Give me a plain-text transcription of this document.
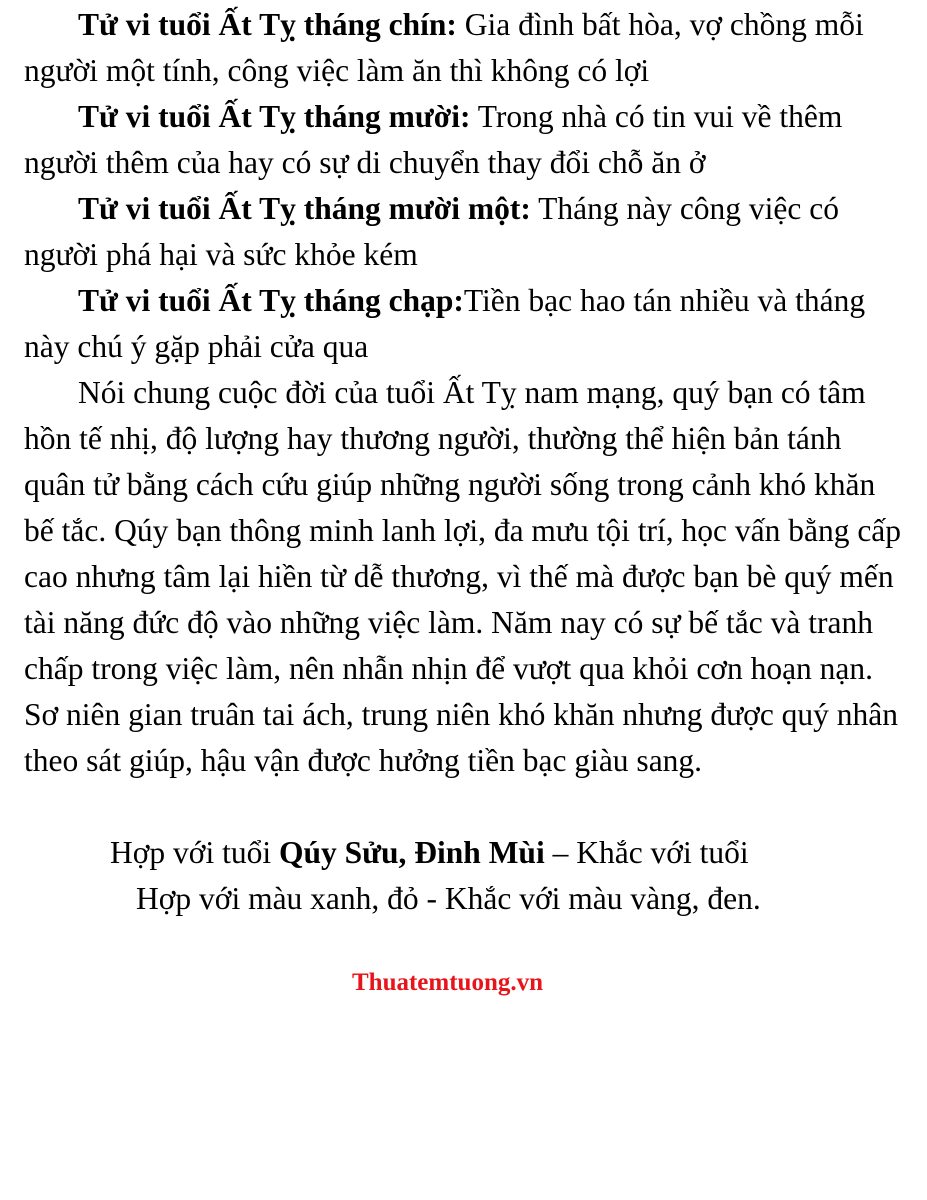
Tử vi tuổi Ất Tỵ tháng chín: Gia đình bất hòa, vợ chồng mỗi người một tính, công việc làm ăn thì không có lợi

Tử vi tuổi Ất Tỵ tháng mười: Trong nhà có tin vui về thêm người thêm của hay có sự di chuyển thay đổi chỗ ăn ở

Tử vi tuổi Ất Tỵ tháng mười một: Tháng này công việc có người phá hại và sức khỏe kém

Tử vi tuổi Ất Tỵ tháng chạp:Tiền bạc hao tán nhiều và tháng này chú ý gặp phải cửa qua

Nói chung cuộc đời của tuổi Ất Tỵ nam mạng, quý bạn có tâm hồn tế nhị, độ lượng hay thương người, thường thể hiện bản tánh quân tử bằng cách cứu giúp những người sống trong cảnh khó khăn bế tắc. Qúy bạn thông minh lanh lợi, đa mưu tội trí, học vấn bằng cấp cao nhưng tâm lại hiền từ dễ thương, vì thế mà được bạn bè quý mến tài năng đức độ vào những việc làm. Năm nay có sự bế tắc và tranh chấp trong việc làm, nên nhẫn nhịn để vượt qua khỏi cơn hoạn nạn. Sơ niên gian truân tai ách, trung niên khó khăn nhưng được quý nhân theo sát giúp, hậu vận được hưởng tiền bạc giàu sang.

Hợp với tuổi Qúy Sửu, Đinh Mùi – Khắc với tuổi

Hợp với màu xanh, đỏ - Khắc với màu vàng, đen.

Thuatemtuong.vn
